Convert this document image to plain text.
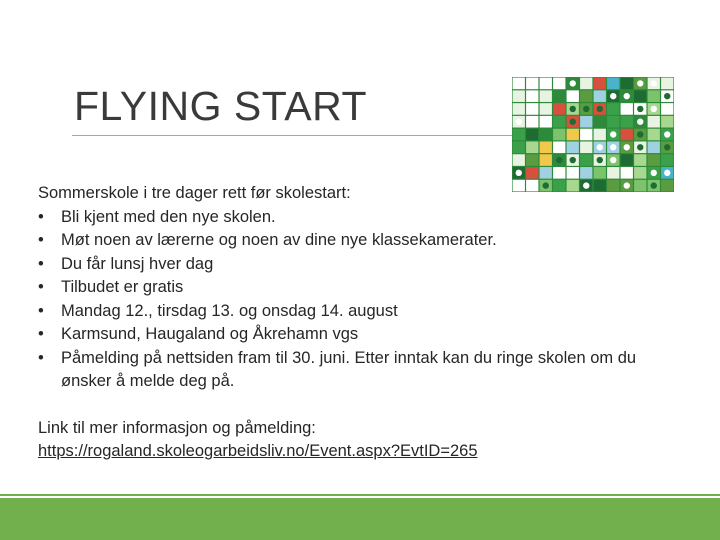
FLYING START

Sommerskole i tre dager rett før skolestart:

• Bli kjent med den nye skolen.
• Møt noen av lærerne og noen av dine nye klassekamerater.
• Du får lunsj hver dag
• Tilbudet er gratis
• Mandag 12., tirsdag 13. og onsdag 14. august
• Karmsund, Haugaland og Åkrehamn vgs
• Påmelding på nettsiden fram til 30. juni. Etter inntak kan du ringe skolen om du ønsker å melde deg på.

Link til mer informasjon og påmelding:

https://rogaland.skoleogarbeidsliv.no/Event.aspx?EvtID=265
